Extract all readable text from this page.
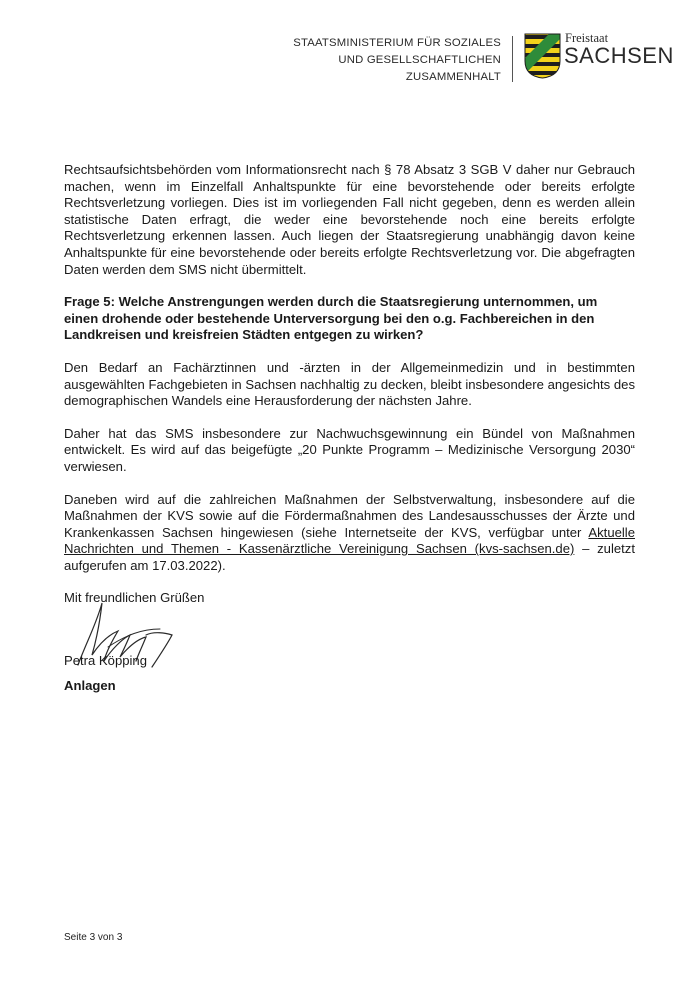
STAATSMINISTERIUM FÜR SOZIALES
UND GESELLSCHAFTLICHEN
ZUSAMMENHALT
Freistaat
SACHSEN

Rechtsaufsichtsbehörden vom Informationsrecht nach § 78 Absatz 3 SGB V daher nur Gebrauch machen, wenn im Einzelfall Anhaltspunkte für eine bevorstehende oder bereits erfolgte Rechtsverletzung vorliegen. Dies ist im vorliegenden Fall nicht gegeben, denn es werden allein statistische Daten erfragt, die weder eine bevorstehende noch eine bereits erfolgte Rechtsverletzung erkennen lassen. Auch liegen der Staatsregierung unabhängig davon keine Anhaltspunkte für eine bevorstehende oder bereits erfolgte Rechtsverletzung vor. Die abgefragten Daten werden dem SMS nicht übermittelt.

Frage 5: Welche Anstrengungen werden durch die Staatsregierung unternommen, um einen drohende oder bestehende Unterversorgung bei den o.g. Fachbereichen in den Landkreisen und kreisfreien Städten entgegen zu wirken?

Den Bedarf an Fachärztinnen und -ärzten in der Allgemeinmedizin und in bestimmten ausgewählten Fachgebieten in Sachsen nachhaltig zu decken, bleibt insbesondere angesichts des demographischen Wandels eine Herausforderung der nächsten Jahre.

Daher hat das SMS insbesondere zur Nachwuchsgewinnung ein Bündel von Maßnahmen entwickelt. Es wird auf das beigefügte „20 Punkte Programm – Medizinische Versorgung 2030“ verwiesen.

Daneben wird auf die zahlreichen Maßnahmen der Selbstverwaltung, insbesondere auf die Maßnahmen der KVS sowie auf die Fördermaßnahmen des Landesausschusses der Ärzte und Krankenkassen Sachsen hingewiesen (siehe Internetseite der KVS, verfügbar unter Aktuelle Nachrichten und Themen - Kassenärztliche Vereinigung Sachsen (kvs-sachsen.de) – zuletzt aufgerufen am 17.03.2022).

Mit freundlichen Grüßen

Petra Köpping
Anlagen
Seite 3 von 3
